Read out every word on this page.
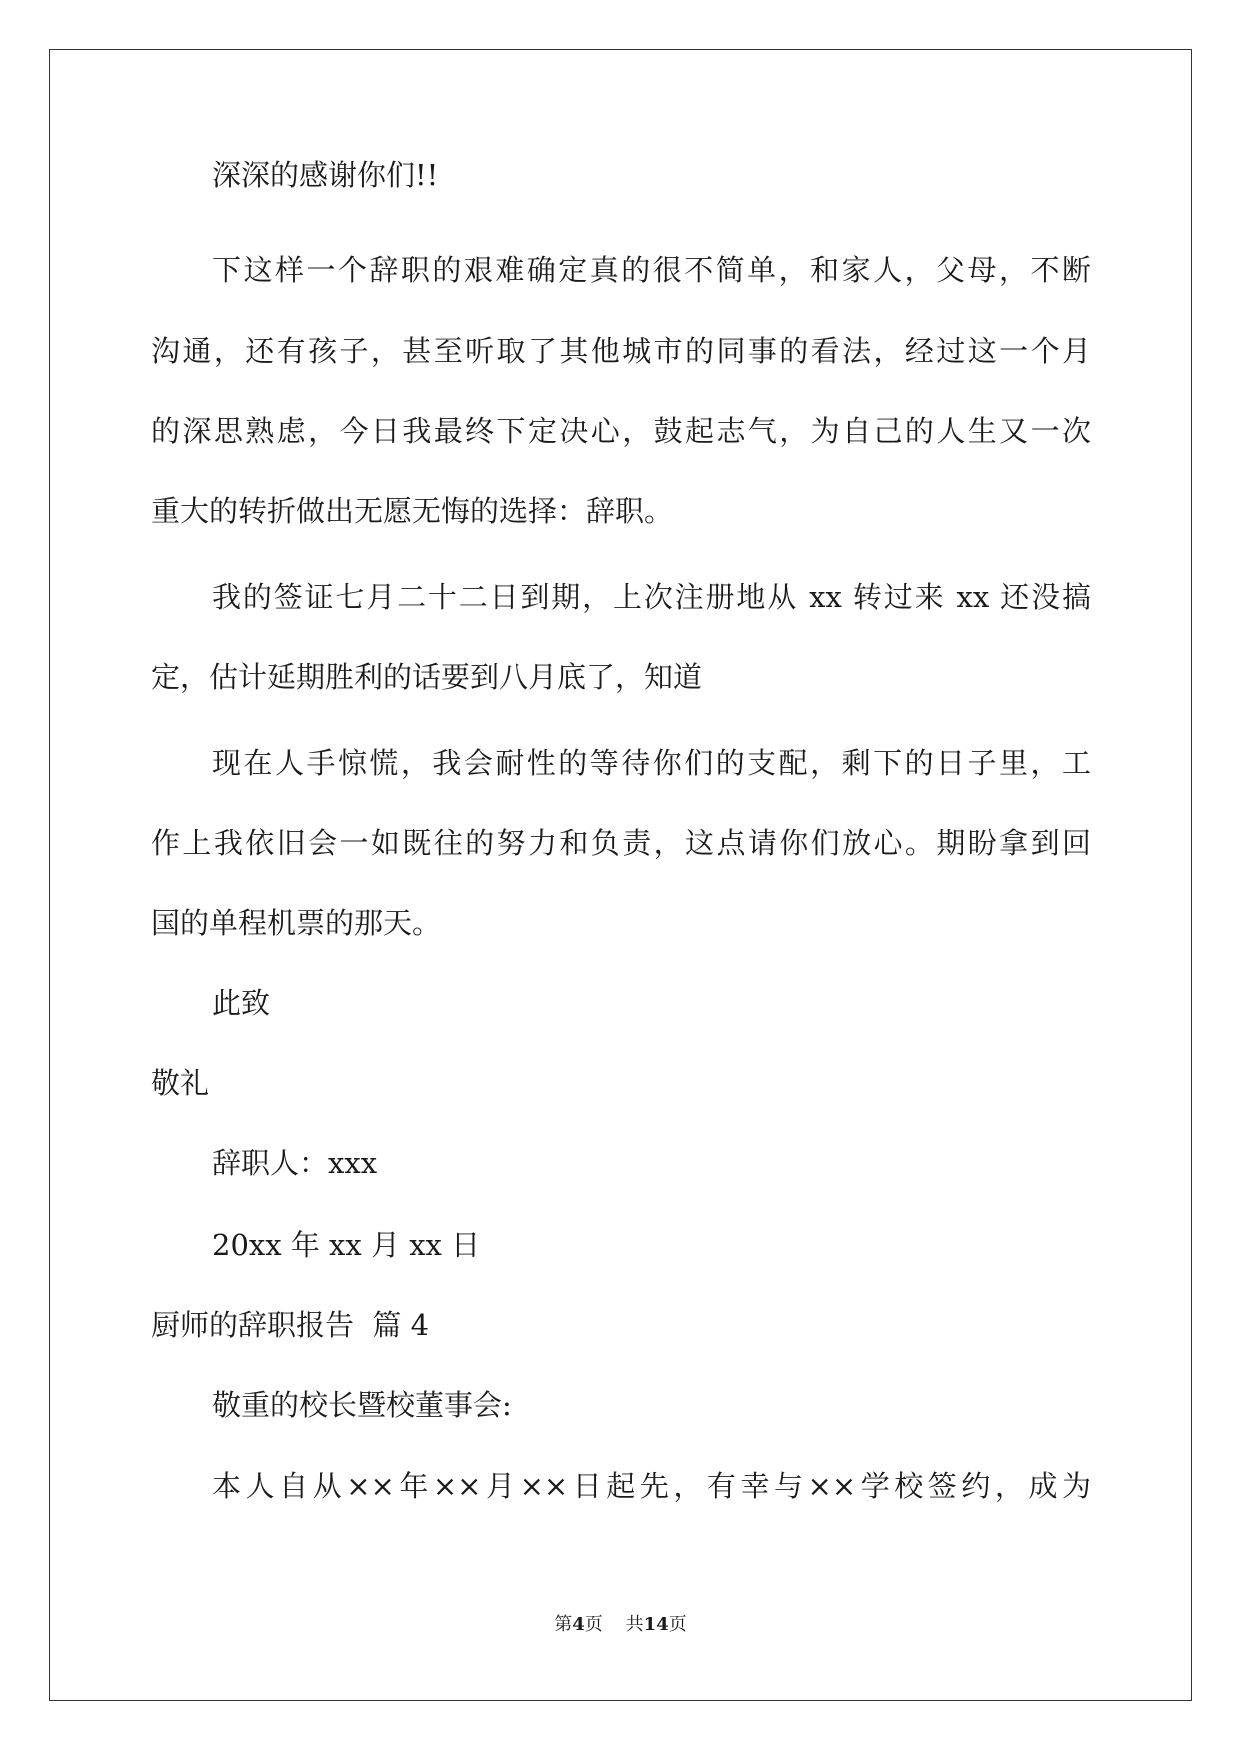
深深的感谢你们!!
下这样一个辞职的艰难确定真的很不简单，和家人，父母，不断
沟通，还有孩子，甚至听取了其他城市的同事的看法，经过这一个月
的深思熟虑，今日我最终下定决心，鼓起志气，为自己的人生又一次
重大的转折做出无愿无悔的选择：辞职。
我的签证七月二十二日到期，上次注册地从 xx 转过来 xx 还没搞
定，估计延期胜利的话要到八月底了，知道
现在人手惊慌，我会耐性的等待你们的支配，剩下的日子里，工
作上我依旧会一如既往的努力和负责，这点请你们放心。期盼拿到回
国的单程机票的那天。
此致
敬礼
辞职人：xxx
20xx 年 xx 月 xx 日
厨师的辞职报告  篇 4
敬重的校长暨校董事会:
本人自从××年××月××日起先，有幸与××学校签约，成为
第4页 共14页
